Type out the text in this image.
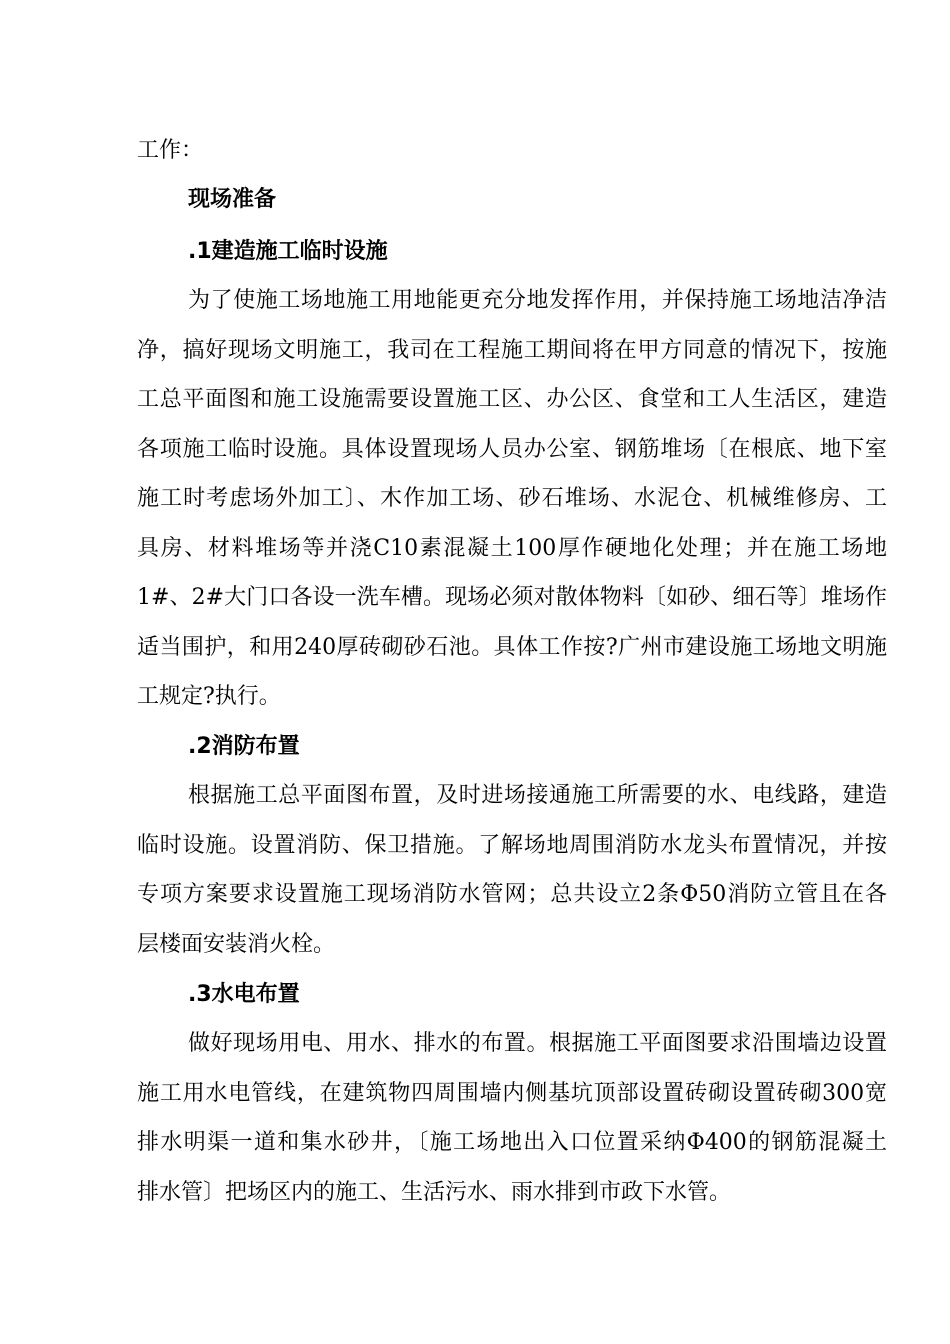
工作：
现场准备
.1建造施工临时设施
为了使施工场地施工用地能更充分地发挥作用，并保持施工场地洁净洁
净，搞好现场文明施工，我司在工程施工期间将在甲方同意的情况下，按施
工总平面图和施工设施需要设置施工区、办公区、食堂和工人生活区，建造
各项施工临时设施。具体设置现场人员办公室、钢筋堆场〔在根底、地下室
施工时考虑场外加工〕、木作加工场、砂石堆场、水泥仓、机械维修房、工
具房、材料堆场等并浇C10素混凝土100厚作硬地化处理；并在施工场地
1#、2#大门口各设一洗车槽。现场必须对散体物料〔如砂、细石等〕堆场作
适当围护，和用240厚砖砌砂石池。具体工作按?广州市建设施工场地文明施
工规定?执行。
.2消防布置
根据施工总平面图布置，及时进场接通施工所需要的水、电线路，建造
临时设施。设置消防、保卫措施。了解场地周围消防水龙头布置情况，并按
专项方案要求设置施工现场消防水管网；总共设立2条Φ50消防立管且在各
层楼面安装消火栓。
.3水电布置
做好现场用电、用水、排水的布置。根据施工平面图要求沿围墙边设置
施工用水电管线，在建筑物四周围墙内侧基坑顶部设置砖砌设置砖砌300宽
排水明渠一道和集水砂井，〔施工场地出入口位置采纳Φ400的钢筋混凝土
排水管〕把场区内的施工、生活污水、雨水排到市政下水管。
